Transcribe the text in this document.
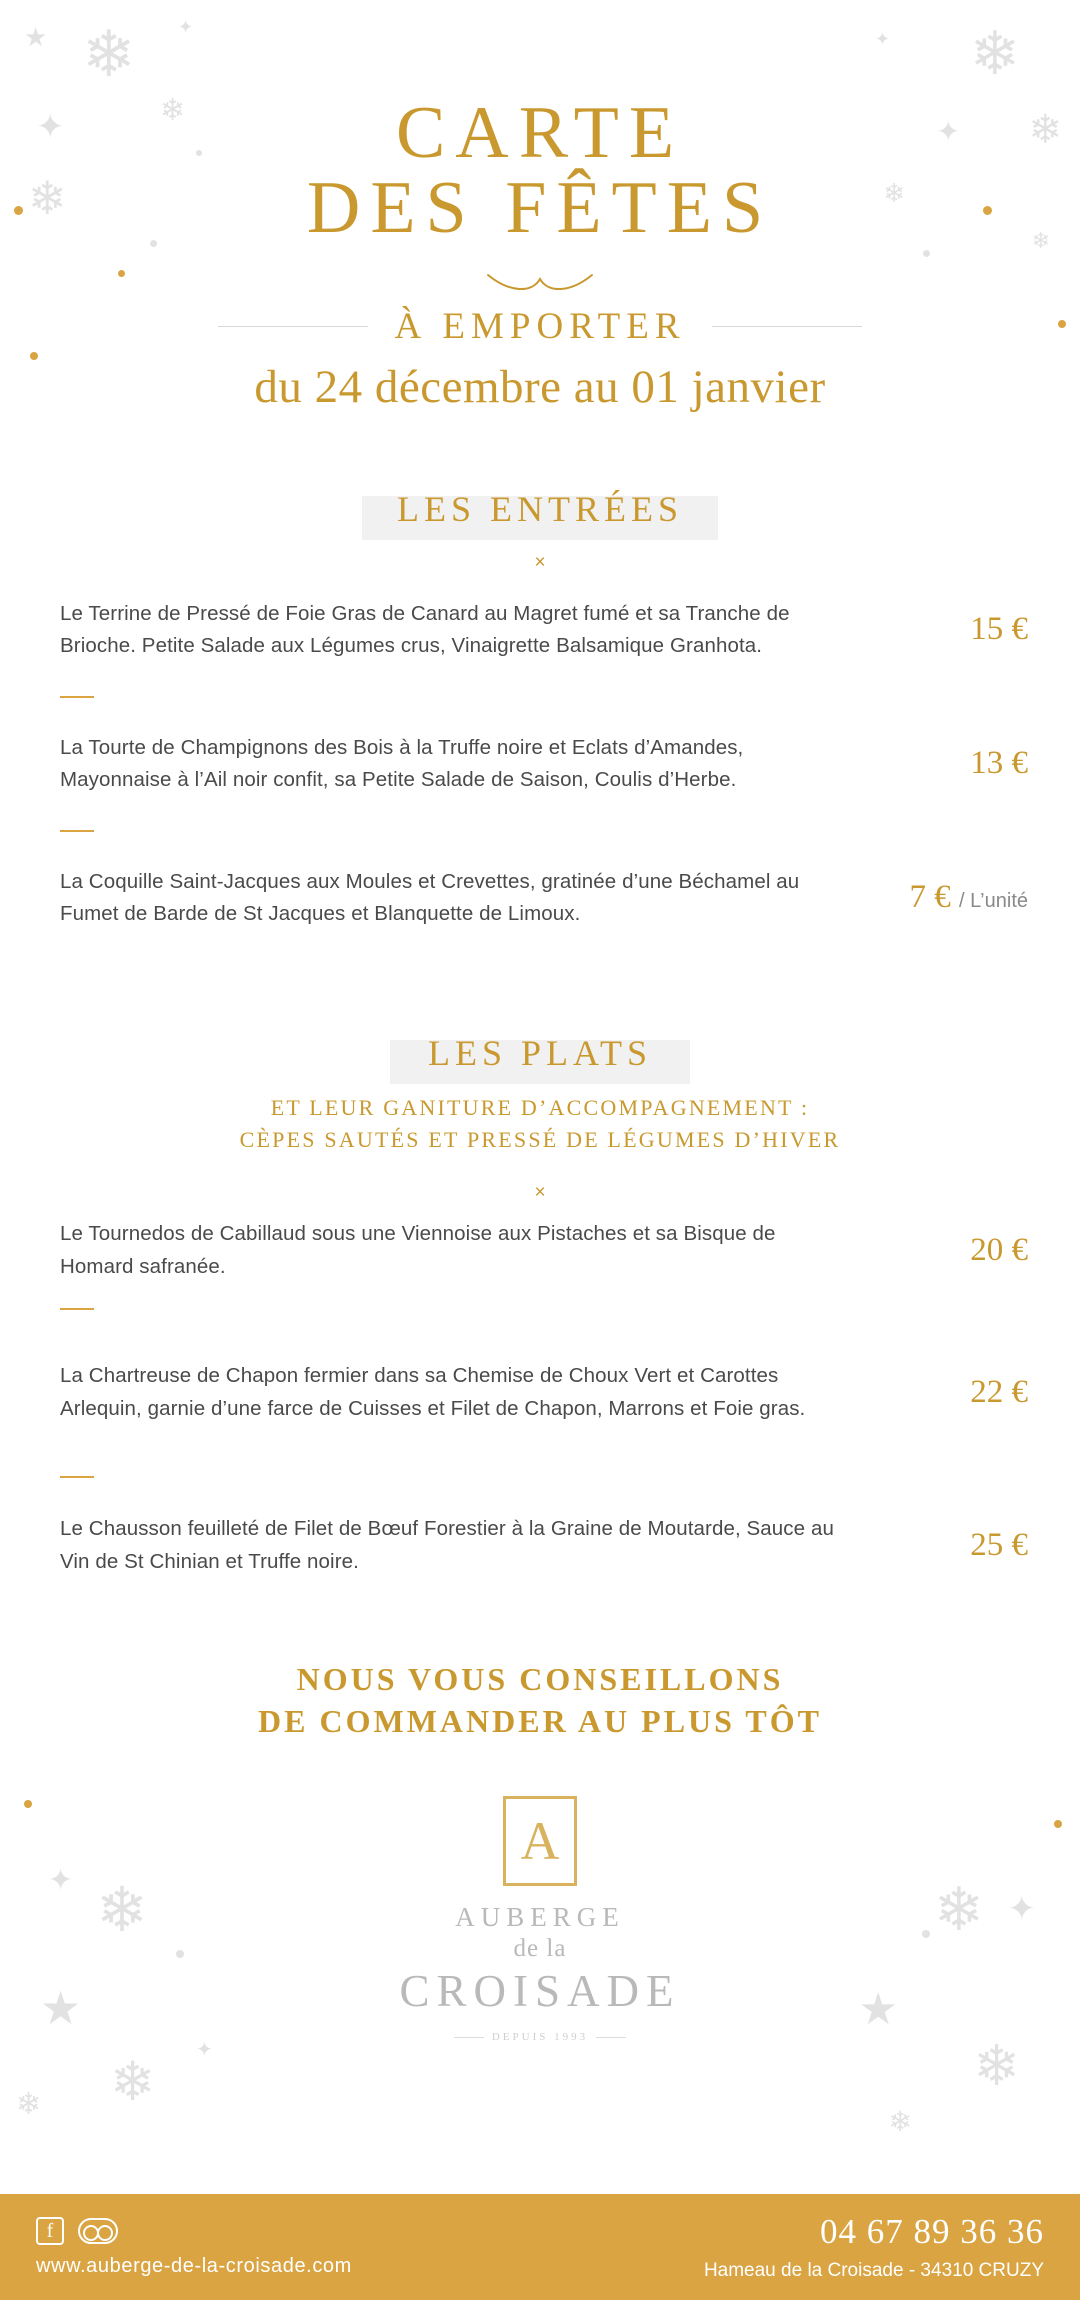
❄
★
✦
❄
❄
✦	❄
❄
✦
✦
❄
❄
CARTE
DES FÊTES
À EMPORTER
du 24 décembre au 01 janvier
LES ENTRÉES
×
Le Terrine de Pressé de Foie Gras de Canard au Magret fumé et sa Tranche de Brioche. Petite Salade aux Légumes crus, Vinaigrette Balsamique Granhota.	15 €
La Tourte de Champignons des Bois à la Truffe noire et Eclats d’Amandes, Mayonnaise à l’Ail noir confit, sa Petite Salade de Saison, Coulis d’Herbe.	13 €
La Coquille Saint-Jacques aux Moules et Crevettes, gratinée d’une Béchamel au Fumet de Barde de St Jacques et Blanquette de Limoux.	7 € / L’unité
LES PLATS
ET LEUR GANITURE D’ACCOMPAGNEMENT :
CÈPES SAUTÉS ET PRESSÉ DE LÉGUMES D’HIVER
×
Le Tournedos de Cabillaud sous une Viennoise aux Pistaches et sa Bisque de Homard safranée.	20 €
La Chartreuse de Chapon fermier dans sa Chemise de Choux Vert et Carottes Arlequin, garnie d’une farce de Cuisses et Filet de Chapon, Marrons et Foie gras.	22 €
Le Chausson feuilleté de Filet de Bœuf Forestier à la Graine de Moutarde, Sauce au Vin de St Chinian et Truffe noire.	25 €
NOUS VOUS CONSEILLONS
DE COMMANDER AU PLUS TÔT
❄
✦
★
❄
❄
✦
❄ ✦
★
❄
❄
A
AUBERGE
de la
CROISADE
DEPUIS 1993
f
www.auberge-de-la-croisade.com
04 67 89 36 36
Hameau de la Croisade - 34310 CRUZY
